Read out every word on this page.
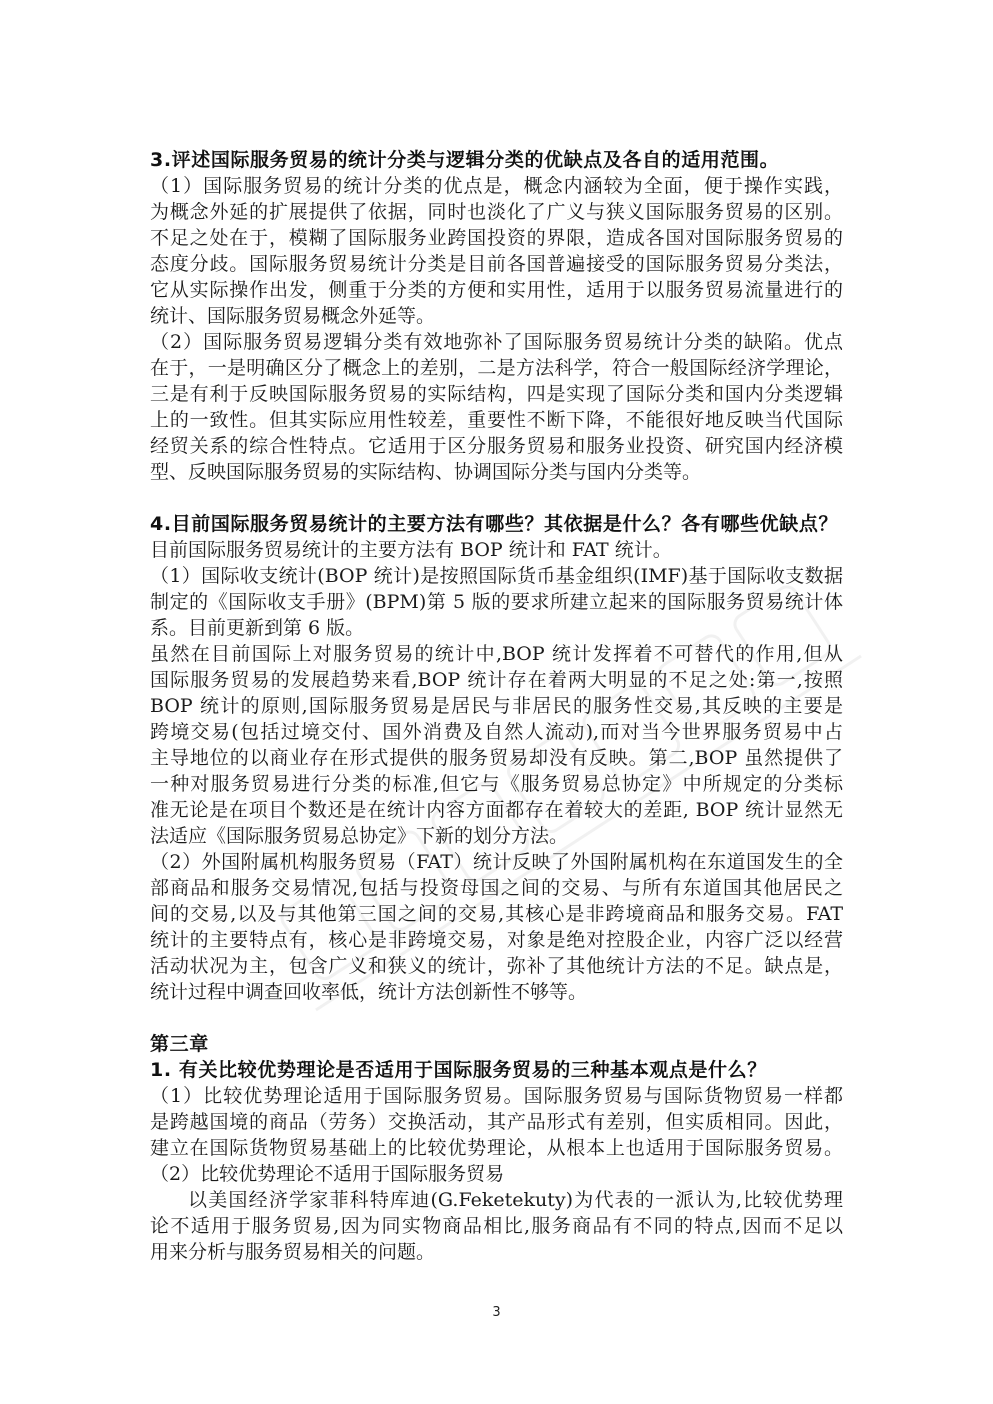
3.评述国际服务贸易的统计分类与逻辑分类的优缺点及各自的适用范围。
（1）国际服务贸易的统计分类的优点是，概念内涵较为全面，便于操作实践，
为概念外延的扩展提供了依据，同时也淡化了广义与狭义国际服务贸易的区别。
不足之处在于，模糊了国际服务业跨国投资的界限，造成各国对国际服务贸易的
态度分歧。国际服务贸易统计分类是目前各国普遍接受的国际服务贸易分类法，
它从实际操作出发，侧重于分类的方便和实用性，适用于以服务贸易流量进行的
统计、国际服务贸易概念外延等。
（2）国际服务贸易逻辑分类有效地弥补了国际服务贸易统计分类的缺陷。优点
在于，一是明确区分了概念上的差别，二是方法科学，符合一般国际经济学理论，
三是有利于反映国际服务贸易的实际结构，四是实现了国际分类和国内分类逻辑
上的一致性。但其实际应用性较差，重要性不断下降，不能很好地反映当代国际
经贸关系的综合性特点。它适用于区分服务贸易和服务业投资、研究国内经济模
型、反映国际服务贸易的实际结构、协调国际分类与国内分类等。
4.目前国际服务贸易统计的主要方法有哪些？其依据是什么？各有哪些优缺点？
目前国际服务贸易统计的主要方法有 BOP 统计和 FAT 统计。
（1）国际收支统计(BOP 统计)是按照国际货币基金组织(IMF)基于国际收支数据
制定的《国际收支手册》(BPM)第 5 版的要求所建立起来的国际服务贸易统计体
系。目前更新到第 6 版。
虽然在目前国际上对服务贸易的统计中,BOP 统计发挥着不可替代的作用,但从
国际服务贸易的发展趋势来看,BOP 统计存在着两大明显的不足之处:第一,按照
BOP 统计的原则,国际服务贸易是居民与非居民的服务性交易,其反映的主要是
跨境交易(包括过境交付、国外消费及自然人流动),而对当今世界服务贸易中占
主导地位的以商业存在形式提供的服务贸易却没有反映。第二,BOP 虽然提供了
一种对服务贸易进行分类的标准,但它与《服务贸易总协定》中所规定的分类标
准无论是在项目个数还是在统计内容方面都存在着较大的差距, BOP 统计显然无
法适应《国际服务贸易总协定》下新的划分方法。
（2）外国附属机构服务贸易（FAT）统计反映了外国附属机构在东道国发生的全
部商品和服务交易情况,包括与投资母国之间的交易、与所有东道国其他居民之
间的交易,以及与其他第三国之间的交易,其核心是非跨境商品和服务交易。FAT
统计的主要特点有，核心是非跨境交易，对象是绝对控股企业，内容广泛以经营
活动状况为主，包含广义和狭义的统计，弥补了其他统计方法的不足。缺点是，
统计过程中调查回收率低，统计方法创新性不够等。
第三章
1. 有关比较优势理论是否适用于国际服务贸易的三种基本观点是什么？
（1）比较优势理论适用于国际服务贸易。国际服务贸易与国际货物贸易一样都
是跨越国境的商品（劳务）交换活动，其产品形式有差别，但实质相同。因此，
建立在国际货物贸易基础上的比较优势理论，从根本上也适用于国际服务贸易。
（2）比较优势理论不适用于国际服务贸易
以美国经济学家菲科特库迪(G.Feketekuty)为代表的一派认为,比较优势理
论不适用于服务贸易,因为同实物商品相比,服务商品有不同的特点,因而不足以
用来分析与服务贸易相关的问题。
3
